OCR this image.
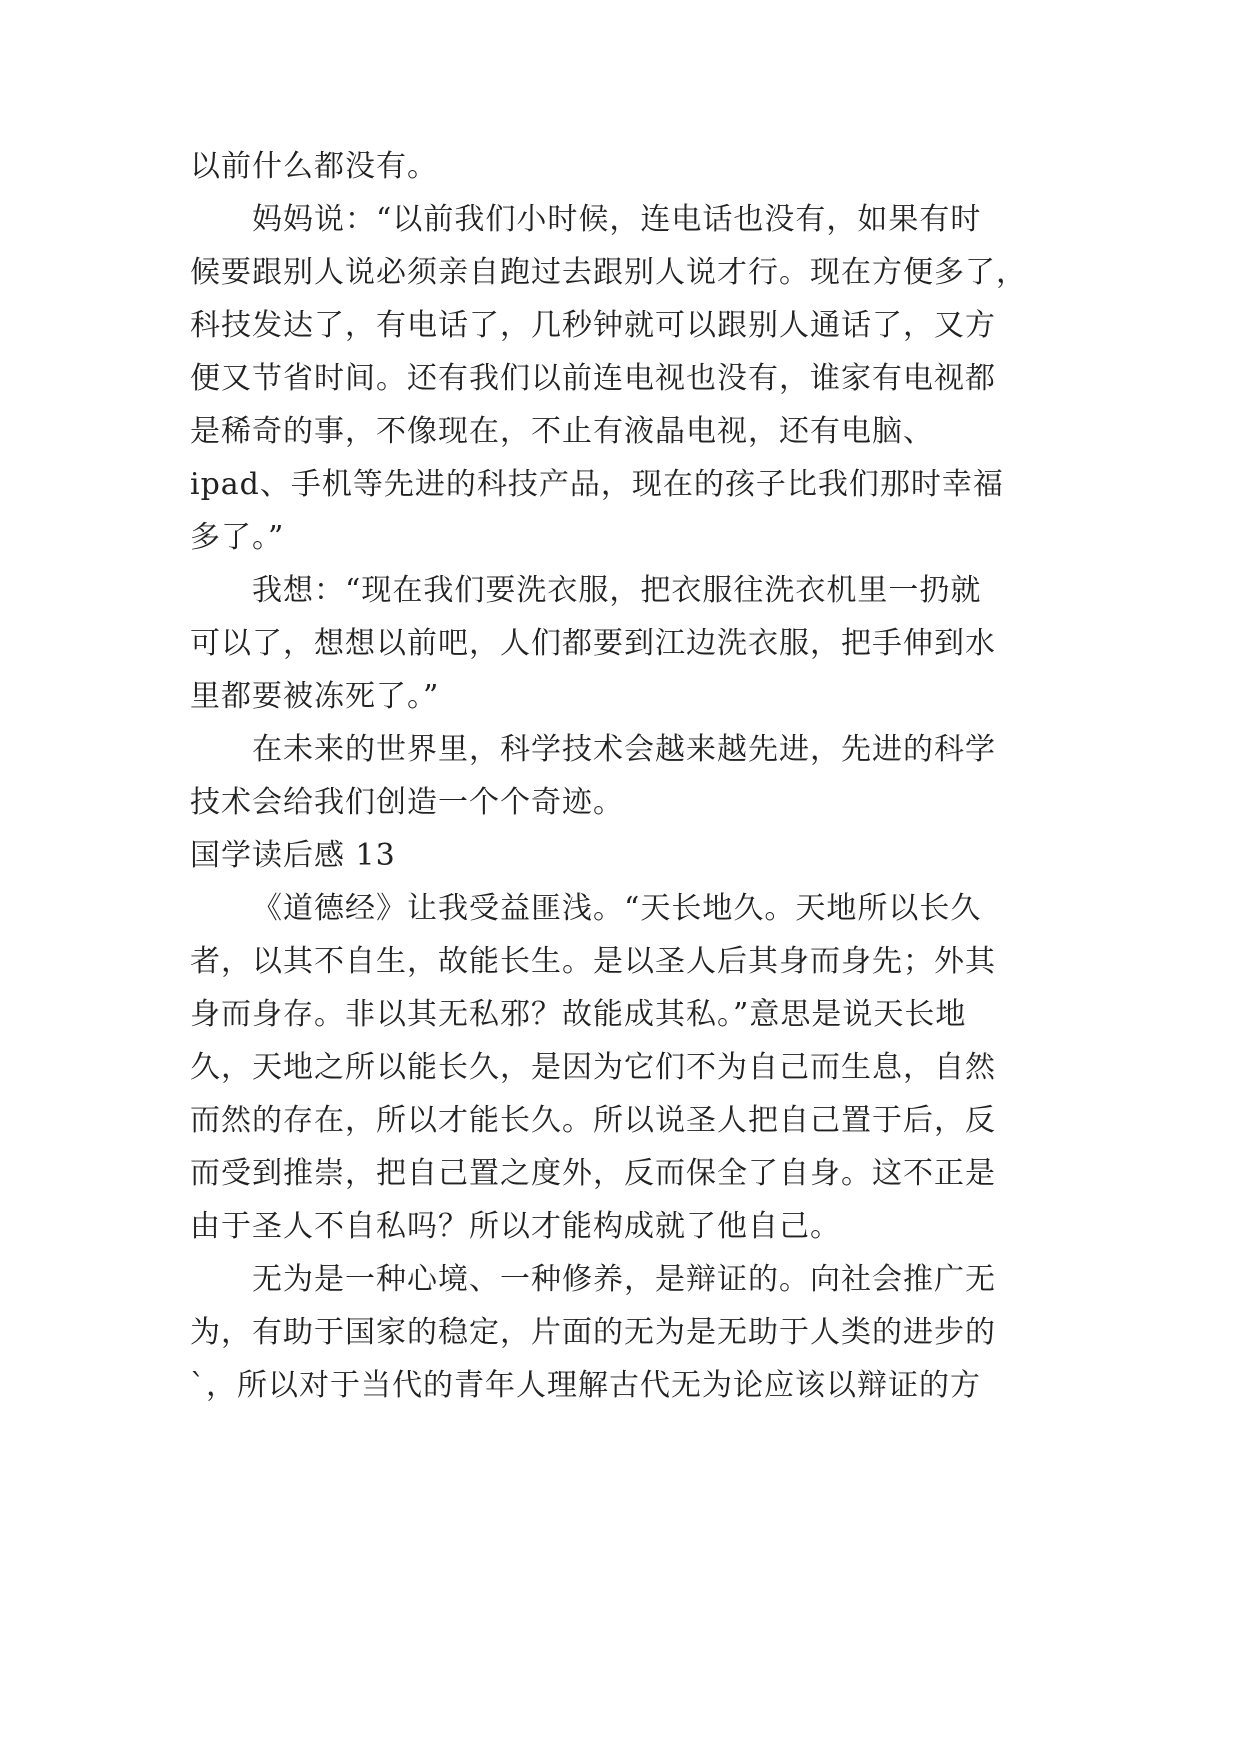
以前什么都没有。
妈妈说：“以前我们小时候，连电话也没有，如果有时
候要跟别人说必须亲自跑过去跟别人说才行。现在方便多了，
科技发达了，有电话了，几秒钟就可以跟别人通话了，又方
便又节省时间。还有我们以前连电视也没有，谁家有电视都
是稀奇的事，不像现在，不止有液晶电视，还有电脑、
ipad、手机等先进的科技产品，现在的孩子比我们那时幸福
多了。”
我想：“现在我们要洗衣服，把衣服往洗衣机里一扔就
可以了，想想以前吧，人们都要到江边洗衣服，把手伸到水
里都要被冻死了。”
在未来的世界里，科学技术会越来越先进，先进的科学
技术会给我们创造一个个奇迹。
国学读后感 13
《道德经》让我受益匪浅。“天长地久。天地所以长久
者，以其不自生，故能长生。是以圣人后其身而身先；外其
身而身存。非以其无私邪？故能成其私。”意思是说天长地
久，天地之所以能长久，是因为它们不为自己而生息，自然
而然的存在，所以才能长久。所以说圣人把自己置于后，反
而受到推崇，把自己置之度外，反而保全了自身。这不正是
由于圣人不自私吗？所以才能构成就了他自己。
无为是一种心境、一种修养，是辩证的。向社会推广无
为，有助于国家的稳定，片面的无为是无助于人类的进步的
`，所以对于当代的青年人理解古代无为论应该以辩证的方
